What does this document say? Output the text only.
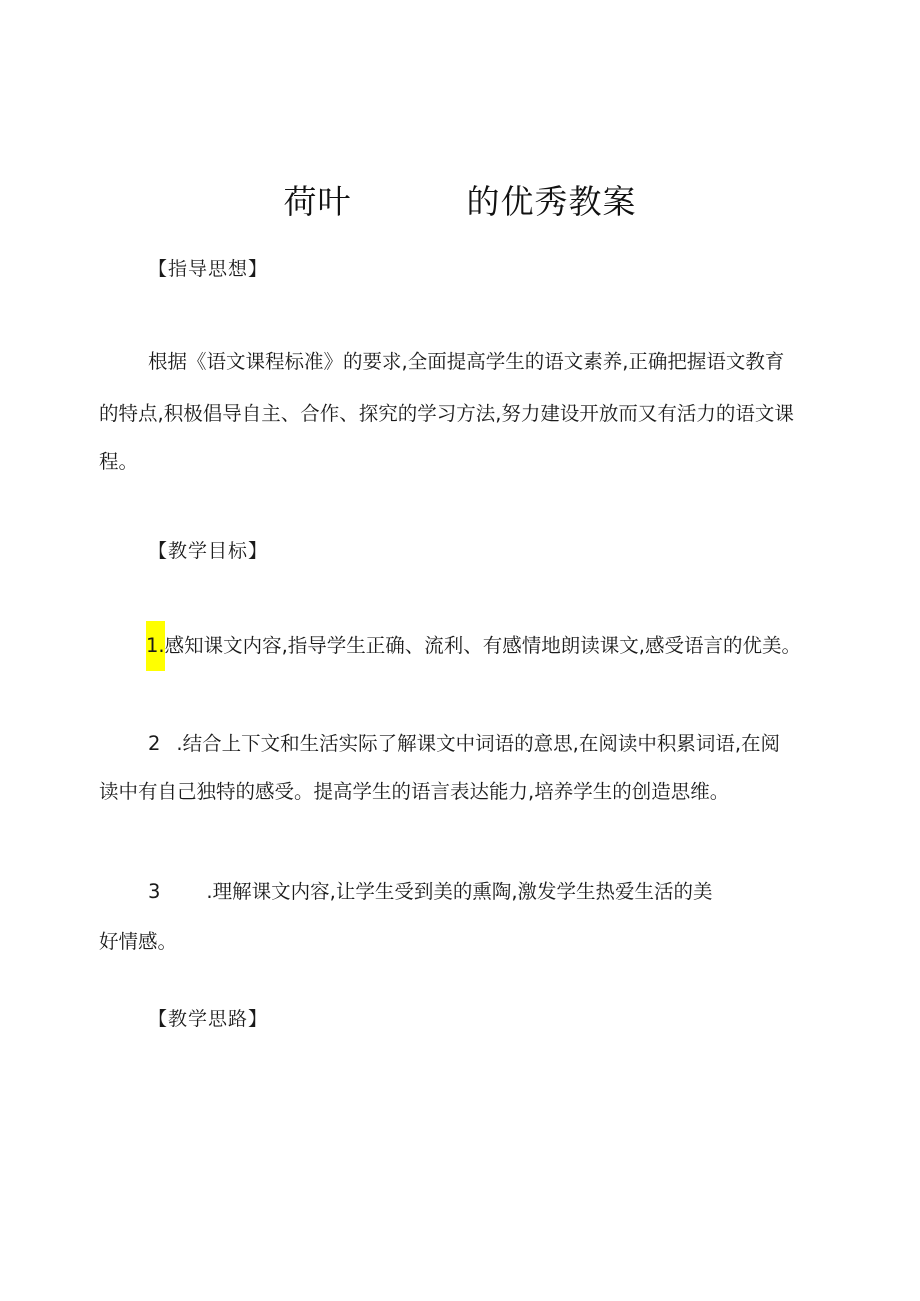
荷叶          的优秀教案
【指导思想】
根据《语文课程标准》的要求,全面提高学生的语文素养,正确把握语文教育
的特点,积极倡导自主、合作、探究的学习方法,努力建设开放而又有活力的语文课
程。
【教学目标】
1.感知课文内容,指导学生正确、流利、有感情地朗读课文,感受语言的优美。
2 .结合上下文和生活实际了解课文中词语的意思,在阅读中积累词语,在阅
读中有自己独特的感受。提高学生的语言表达能力,培养学生的创造思维。
3 .理解课文内容,让学生受到美的熏陶,激发学生热爱生活的美
好情感。
【教学思路】
